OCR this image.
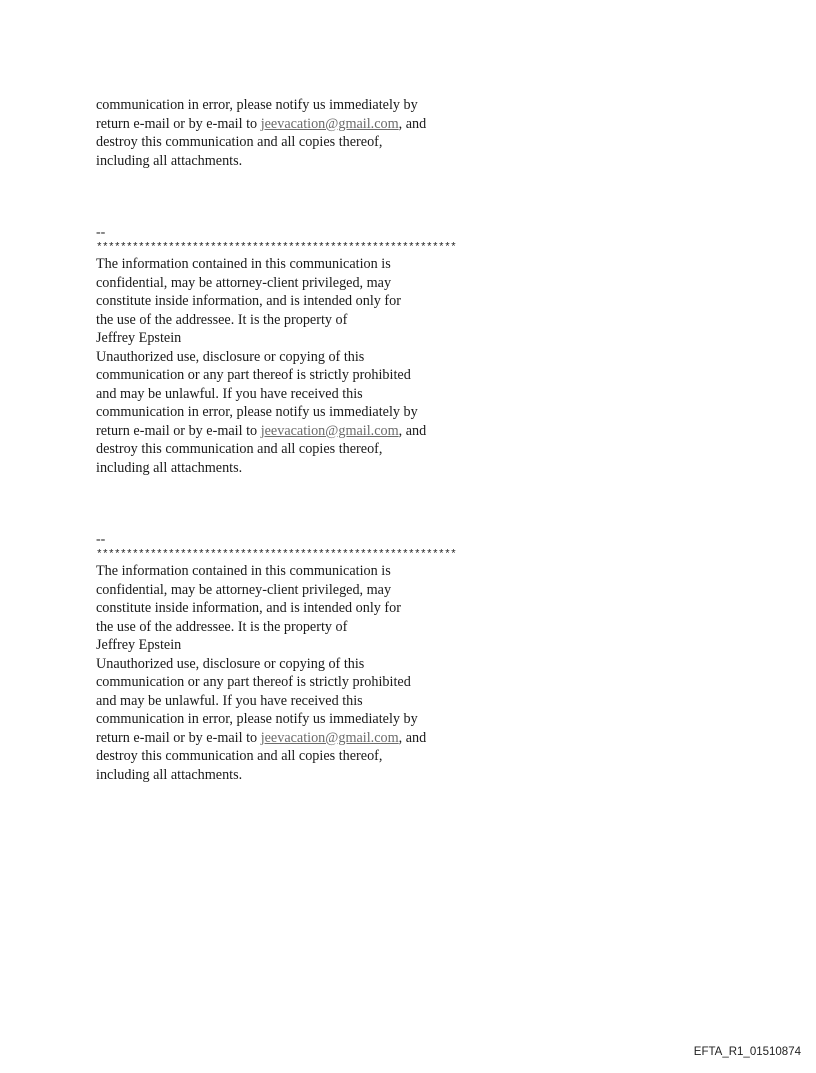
communication in error, please notify us immediately by
return e-mail or by e-mail to jeevacation@gmail.com, and
destroy this communication and all copies thereof,
including all attachments.
--
************************************************************
The information contained in this communication is
confidential, may be attorney-client privileged, may
constitute inside information, and is intended only for
the use of the addressee. It is the property of
Jeffrey Epstein
Unauthorized use, disclosure or copying of this
communication or any part thereof is strictly prohibited
and may be unlawful. If you have received this
communication in error, please notify us immediately by
return e-mail or by e-mail to jeevacation@gmail.com, and
destroy this communication and all copies thereof,
including all attachments.
--
************************************************************
The information contained in this communication is
confidential, may be attorney-client privileged, may
constitute inside information, and is intended only for
the use of the addressee. It is the property of
Jeffrey Epstein
Unauthorized use, disclosure or copying of this
communication or any part thereof is strictly prohibited
and may be unlawful. If you have received this
communication in error, please notify us immediately by
return e-mail or by e-mail to jeevacation@gmail.com, and
destroy this communication and all copies thereof,
including all attachments.
EFTA_R1_01510874
